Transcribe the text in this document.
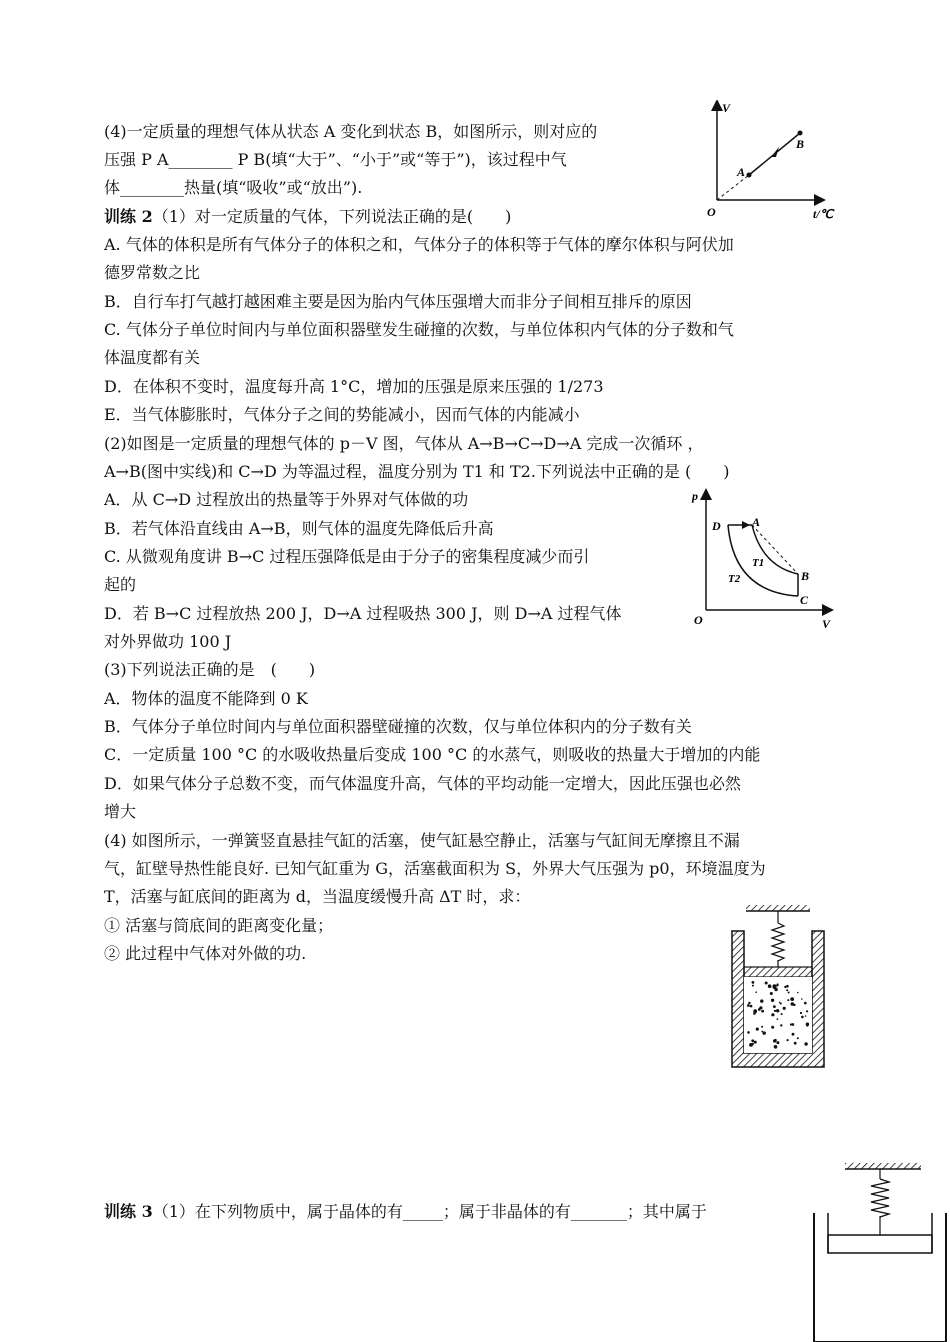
(4)一定质量的理想气体从状态 A 变化到状态 B，如图所示，则对应的
压强 P A________ P B(填“大于”、“小于”或“等于”)，该过程中气
体________热量(填“吸收”或“放出”).
V
t/℃
O
A
B
训练 2（1）对一定质量的气体，下列说法正确的是(　　)
A. 气体的体积是所有气体分子的体积之和，气体分子的体积等于气体的摩尔体积与阿伏加
德罗常数之比
B．自行车打气越打越困难主要是因为胎内气体压强增大而非分子间相互排斥的原因
C. 气体分子单位时间内与单位面积器壁发生碰撞的次数，与单位体积内气体的分子数和气
体温度都有关
D．在体积不变时，温度每升高 1°C，增加的压强是原来压强的 1/273
E．当气体膨胀时，气体分子之间的势能减小，因而气体的内能减小
(2)如图是一定质量的理想气体的 p－V 图，气体从 A→B→C→D→A 完成一次循环 ，
A→B(图中实线)和 C→D 为等温过程，温度分别为 T1 和 T2.下列说法中正确的是 (　　)
A．从 C→D 过程放出的热量等于外界对气体做的功
B．若气体沿直线由 A→B，则气体的温度先降低后升高
C. 从微观角度讲 B→C 过程压强降低是由于分子的密集程度减少而引
起的
D．若 B→C 过程放热 200 J，D→A 过程吸热 300 J，则 D→A 过程气体
对外界做功 100 J
p
V
O
D	A
B
C
T1
T2
(3)下列说法正确的是　(　　)
A．物体的温度不能降到 0 K
B．气体分子单位时间内与单位面积器壁碰撞的次数，仅与单位体积内的分子数有关
C．一定质量 100 °C 的水吸收热量后变成 100 °C 的水蒸气，则吸收的热量大于增加的内能
D．如果气体分子总数不变，而气体温度升高，气体的平均动能一定增大，因此压强也必然
增大
(4) 如图所示，一弹簧竖直悬挂气缸的活塞，使气缸悬空静止，活塞与气缸间无摩擦且不漏
气，缸壁导热性能良好. 已知气缸重为 G，活塞截面积为 S，外界大气压强为 p0，环境温度为
T，活塞与缸底间的距离为 d，当温度缓慢升高 ΔT 时，求：
① 活塞与筒底间的距离变化量；
② 此过程中气体对外做的功.
训练 3（1）在下列物质中，属于晶体的有_____；属于非晶体的有_______；其中属于
